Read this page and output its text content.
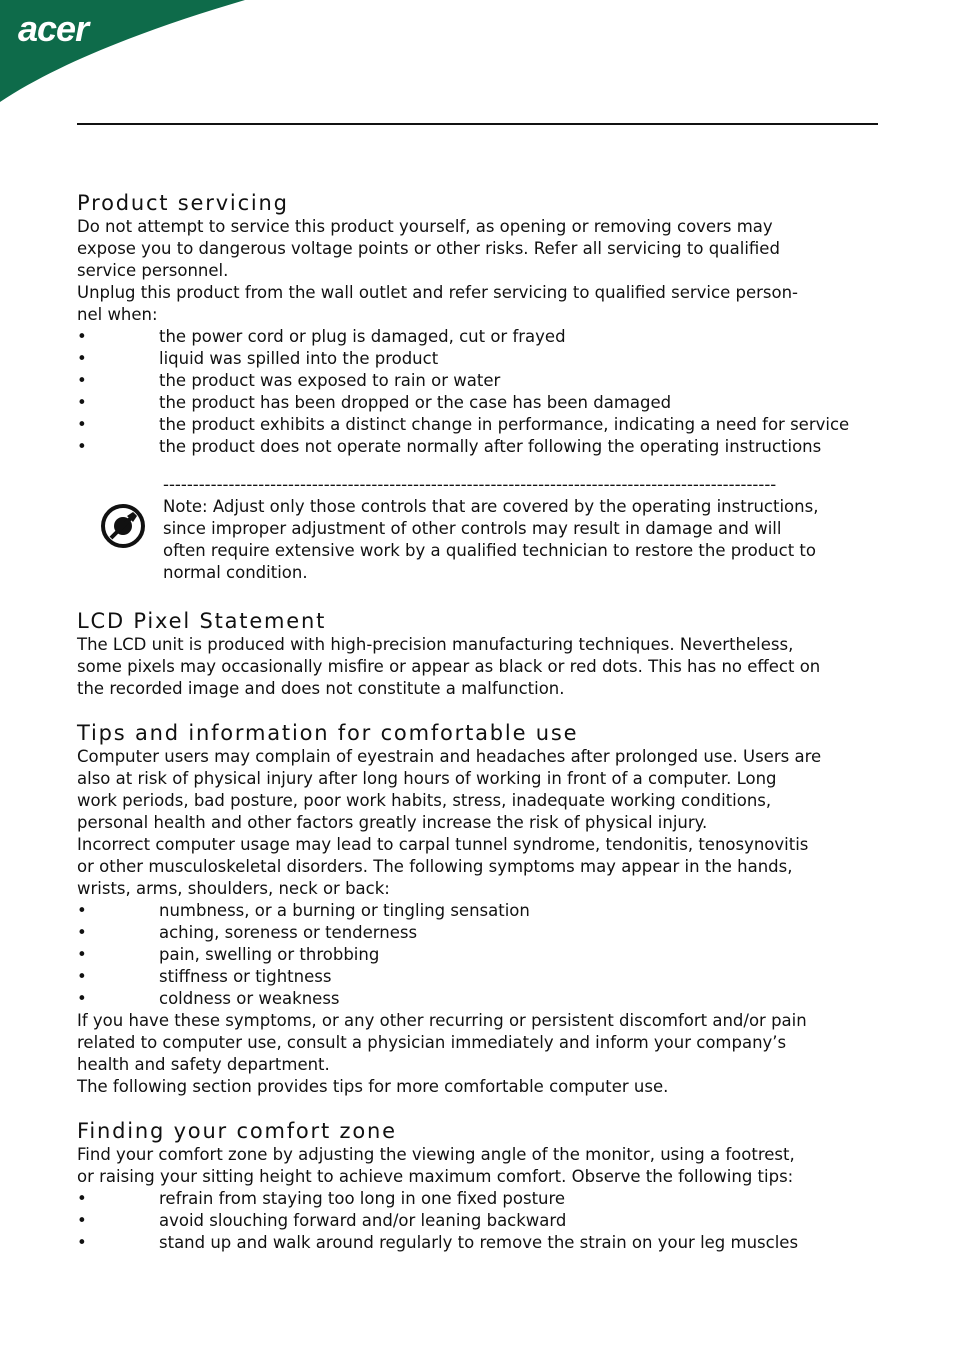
acer
Product servicing
Do not attempt to service this product yourself, as opening or removing covers may
expose you to dangerous voltage points or other risks. Refer all servicing to qualified
service personnel.
Unplug this product from the wall outlet and refer servicing to qualified service person-
nel when:
•	the power cord or plug is damaged, cut or frayed
•	liquid was spilled into the product
•	the product was exposed to rain or water
•	the product has been dropped or the case has been damaged
•	the product exhibits a distinct change in performance, indicating a need for service
•	the product does not operate normally after following the operating instructions
-------------------------------------------------------------------------------------------------------
Note: Adjust only those controls that are covered by the operating instructions,
since improper adjustment of other controls may result in damage and will
often require extensive work by a qualified technician to restore the product to
normal condition.
LCD Pixel Statement
The LCD unit is produced with high-precision manufacturing techniques. Nevertheless,
some pixels may occasionally misfire or appear as black or red dots. This has no effect on
the recorded image and does not constitute a malfunction.
Tips and information for comfortable use
Computer users may complain of eyestrain and headaches after prolonged use. Users are
also at risk of physical injury after long hours of working in front of a computer. Long
work periods, bad posture, poor work habits, stress, inadequate working conditions,
personal health and other factors greatly increase the risk of physical injury.
Incorrect computer usage may lead to carpal tunnel syndrome, tendonitis, tenosynovitis
or other musculoskeletal disorders. The following symptoms may appear in the hands,
wrists, arms, shoulders, neck or back:
•	numbness, or a burning or tingling sensation
•	aching, soreness or tenderness
•	pain, swelling or throbbing
•	stiffness or tightness
•	coldness or weakness
If you have these symptoms, or any other recurring or persistent discomfort and/or pain
related to computer use, consult a physician immediately and inform your company’s
health and safety department.
The following section provides tips for more comfortable computer use.
Finding your comfort zone
Find your comfort zone by adjusting the viewing angle of the monitor, using a footrest,
or raising your sitting height to achieve maximum comfort. Observe the following tips:
•	refrain from staying too long in one fixed posture
•	avoid slouching forward and/or leaning backward
•	stand up and walk around regularly to remove the strain on your leg muscles
